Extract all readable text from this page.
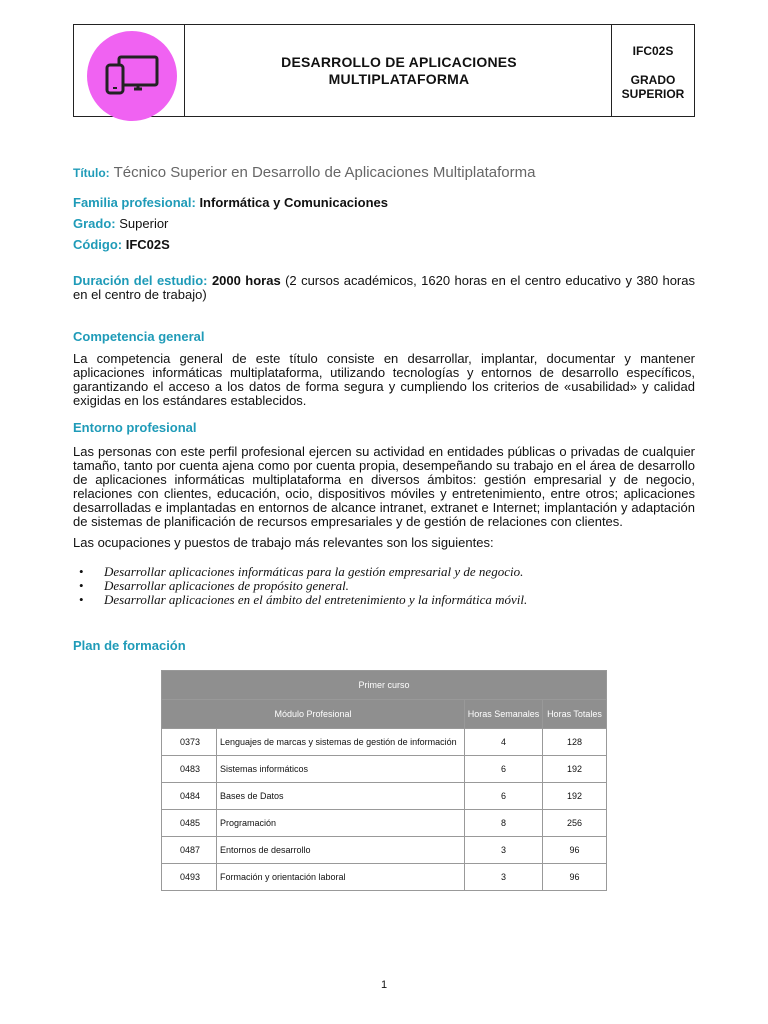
DESARROLLO DE APLICACIONES
MULTIPLATAFORMA
IFC02S
GRADO
SUPERIOR
Título: Técnico Superior en Desarrollo de Aplicaciones Multiplataforma
Familia profesional: Informática y Comunicaciones
Grado: Superior
Código: IFC02S
Duración del estudio: 2000 horas (2 cursos académicos, 1620 horas en el centro educativo y 380 horas en el centro de trabajo)
Competencia general
La competencia general de este título consiste en desarrollar, implantar, documentar y mantener aplicaciones informáticas multiplataforma, utilizando tecnologías y entornos de desarrollo específicos, garantizando el acceso a los datos de forma segura y cumpliendo los criterios de «usabilidad» y calidad exigidas en los estándares establecidos.
Entorno profesional
Las personas con este perfil profesional ejercen su actividad en entidades públicas o privadas de cualquier tamaño, tanto por cuenta ajena como por cuenta propia, desempeñando su trabajo en el área de desarrollo de aplicaciones informáticas multiplataforma en diversos ámbitos: gestión empresarial y de negocio, relaciones con clientes, educación, ocio, dispositivos móviles y entretenimiento, entre otros; aplicaciones desarrolladas e implantadas en entornos de alcance intranet, extranet e Internet; implantación y adaptación de sistemas de planificación de recursos empresariales y de gestión de relaciones con clientes.
Las ocupaciones y puestos de trabajo más relevantes son los siguientes:
• Desarrollar aplicaciones informáticas para la gestión empresarial y de negocio.
• Desarrollar aplicaciones de propósito general.
• Desarrollar aplicaciones en el ámbito del entretenimiento y la informática móvil.
Plan de formación
Primer curso			
Módulo Profesional		Horas Semanales	Horas Totales
0373	Lenguajes de marcas y sistemas de gestión de información	4	128
0483	Sistemas informáticos	6	192
0484	Bases de Datos	6	192
0485	Programación	8	256
0487	Entornos de desarrollo	3	96
0493	Formación y orientación laboral	3	96
1
